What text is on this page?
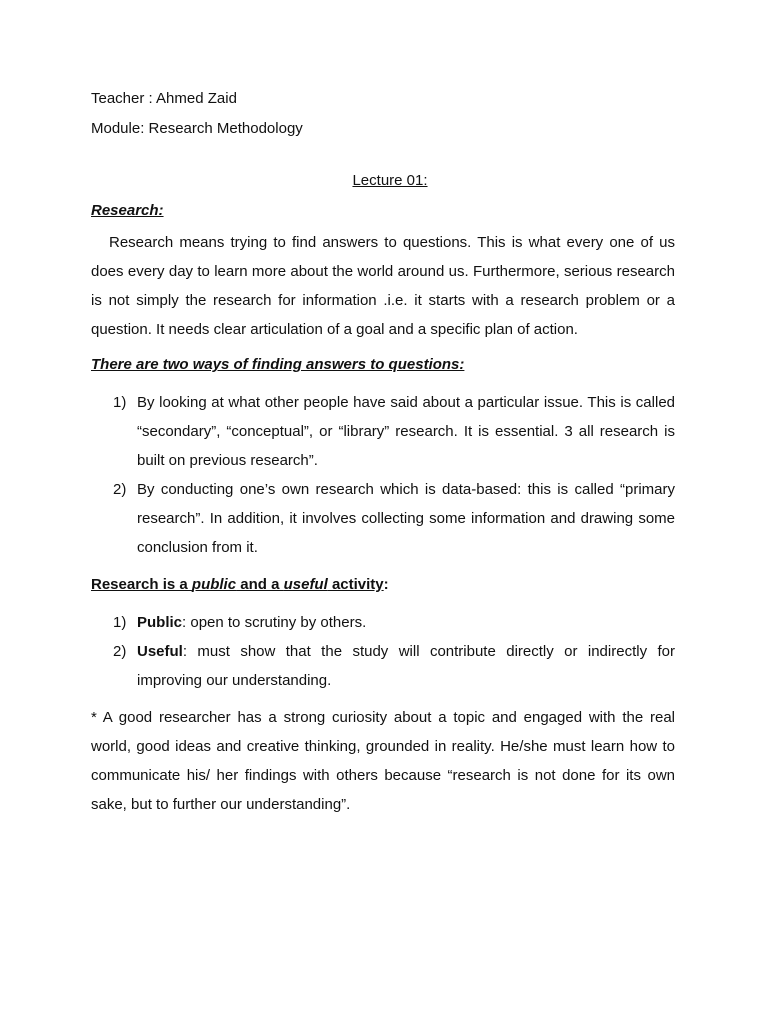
Teacher : Ahmed Zaid

Module: Research Methodology

Lecture 01:

Research:

Research means trying to find answers to questions. This is what every one of us does every day to learn more about the world around us. Furthermore, serious research is not simply the research for information .i.e. it starts with a research problem or a question. It needs clear articulation of a goal and a specific plan of action.

There are two ways of finding answers to questions:

1) By looking at what other people have said about a particular issue. This is called “secondary”, “conceptual”, or “library” research. It is essential. 3 all research is built on previous research”.
2) By conducting one’s own research which is data-based: this is called “primary research”. In addition, it involves collecting some information and drawing some conclusion from it.

Research is a public and a useful activity:

1) Public: open to scrutiny by others.
2) Useful: must show that the study will contribute directly or indirectly for improving our understanding.

* A good researcher has a strong curiosity about a topic and engaged with the real world, good ideas and creative thinking, grounded in reality. He/she must learn how to communicate his/ her findings with others because “research is not done for its own sake, but to further our understanding”.
